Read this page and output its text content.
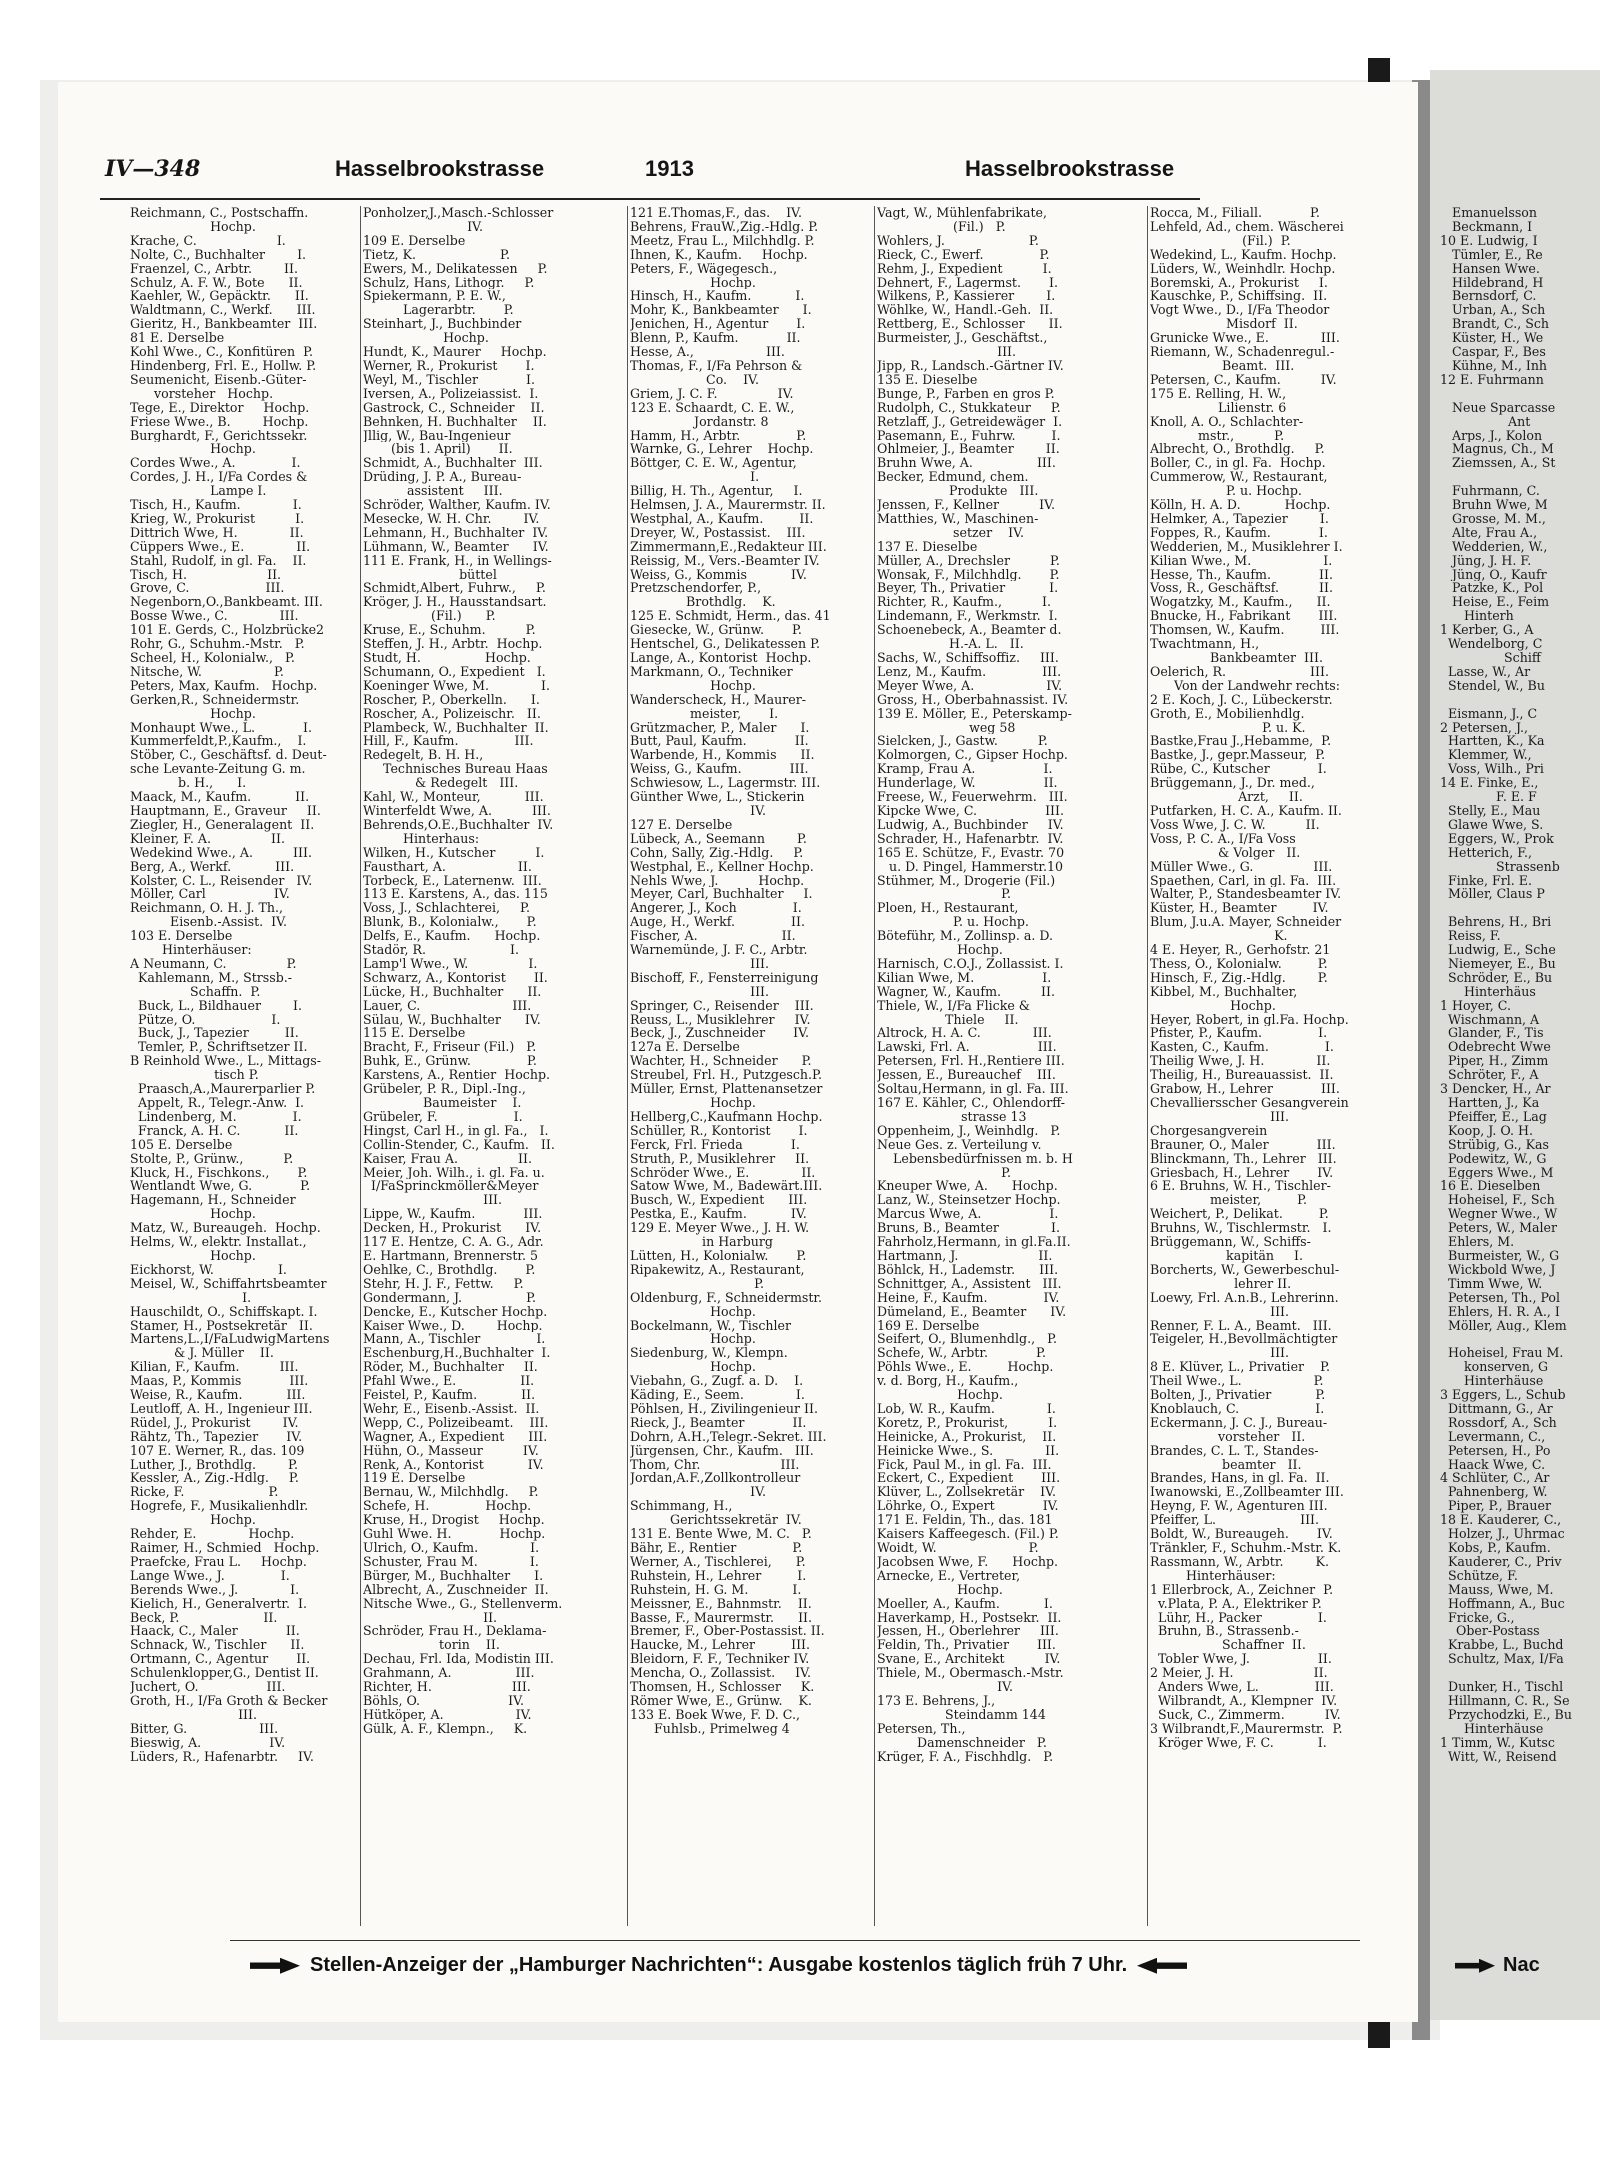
IV—348	Hasselbrookstrasse	1913	Hasselbrookstrasse
Reichmann, C., Postschaffn.
Hochp.
Krache, C.                    I.
Nolte, C., Buchhalter        I.
Fraenzel, C., Arbtr.        II.
Schulz, A. F. W., Bote      II.
Kaehler, W., Gepäcktr.      II.
Waldtmann, C., Werkf.      III.
Gieritz, H., Bankbeamter  III.
81 E. Derselbe
Kohl Wwe., C., Konfitüren  P.
Hindenberg, Frl. E., Hollw. P.
Seumenicht, Eisenb.-Güter-
vorsteher   Hochp.
Tege, E., Direktor     Hochp.
Friese Wwe., B.        Hochp.
Burghardt, F., Gerichtssekr.
Hochp.
Cordes Wwe., A.              I.
Cordes, J. H., I/Fa Cordes &
Lampe I.
Tisch, H., Kaufm.             I.
Krieg, W., Prokurist          I.
Dittrich Wwe, H.             II.
Cüppers Wwe., E.             II.
Stahl, Rudolf, in gl. Fa.    II.
Tisch, H.                    II.
Grove, C.                   III.
Negenborn,O.,Bankbeamt. III.
Bosse Wwe., C.             III.
101 E. Gerds, C., Holzbrücke2
Rohr, G., Schuhm.-Mstr.   P.
Scheel, H., Kolonialw.,   P.
Nitsche, W.                  P.
Peters, Max, Kaufm.   Hochp.
Gerken,R., Schneidermstr.
Hochp.
Monhaupt Wwe., L.            I.
Kummerfeldt,P.,Kaufm.,    I.
Stöber, C., Geschäftsf. d. Deut-
sche Levante-Zeitung G. m.
b. H.,      I.
Maack, M., Kaufm.           II.
Hauptmann, E., Graveur     II.
Ziegler, H., Generalagent  II.
Kleiner, F. A.               II.
Wedekind Wwe., A.          III.
Berg, A., Werkf.           III.
Kolster, C. L., Reisender   IV.
Möller, Carl                 IV.
Reichmann, O. H. J. Th.,
Eisenb.-Assist.  IV.
103 E. Derselbe
Hinterhäuser:
A Neumann, C.               P.
Kahlemann, M., Strssb.-
Schaffn.  P.
Buck, L., Bildhauer        I.
Pütze, O.                   I.
Buck, J., Tapezier         II.
Temler, P., Schriftsetzer II.
B Reinhold Wwe., L., Mittags-
tisch P.
Praasch,A.,Maurerparlier P.
Appelt, R., Telegr.-Anw.  I.
Lindenberg, M.              I.
Franck, A. H. C.           II.
105 E. Derselbe
Stolte, P., Grünw.,          P.
Kluck, H., Fischkons.,       P.
Wentlandt Wwe, G.            P.
Hagemann, H., Schneider
Hochp.
Matz, W., Bureaugeh.  Hochp.
Helms, W., elektr. Installat.,
Hochp.
Eickhorst, W.                I.
Meisel, W., Schiffahrtsbeamter
I.
Hauschildt, O., Schiffskapt. I.
Stamer, H., Postsekretär   II.
Martens,L.,I/FaLudwigMartens
& J. Müller    II.
Kilian, F., Kaufm.          III.
Maas, P., Kommis            III.
Weise, R., Kaufm.           III.
Leutloff, A. H., Ingenieur III.
Rüdel, J., Prokurist        IV.
Rähtz, Th., Tapezier       IV.
107 E. Werner, R., das. 109
Luther, J., Brothdlg.        P.
Kessler, A., Zig.-Hdlg.     P.
Ricke, F.                     P.
Hogrefe, F., Musikalienhdlr.
Hochp.
Rehder, E.             Hochp.
Raimer, H., Schmied   Hochp.
Praefcke, Frau L.     Hochp.
Lange Wwe., J.              I.
Berends Wwe., J.             I.
Kielich, H., Generalvertr.  I.
Beck, P.                     II.
Haack, C., Maler            II.
Schnack, W., Tischler      II.
Ortmann, C., Agentur       II.
Schulenklopper,G., Dentist II.
Juchert, O.                 III.
Groth, H., I/Fa Groth & Becker
III.
Bitter, G.                  III.
Bieswig, A.                 IV.
Lüders, R., Hafenarbtr.     IV.
Ponholzer,J.,Masch.-Schlosser
IV.
109 E. Derselbe
Tietz, K.                     P.
Ewers, M., Delikatessen     P.
Schulz, Hans, Lithogr.     P.
Spiekermann, P. E. W.,
Lagerarbtr.       P.
Steinhart, J., Buchbinder
Hochp.
Hundt, K., Maurer     Hochp.
Werner, R., Prokurist       I.
Weyl, M., Tischler            I.
Iversen, A., Polizeiassist.  I.
Gastrock, C., Schneider    II.
Behnken, H. Buchhalter    II.
Jllig, W., Bau-Ingenieur
(bis 1. April)       II.
Schmidt, A., Buchhalter  III.
Drüding, J. P. A., Bureau-
assistent     III.
Schröder, Walther, Kaufm. IV.
Mesecke, W. H. Chr.        IV.
Lehmann, H., Buchhalter  IV.
Lühmann, W., Beamter      IV.
111 E. Frank, H., in Wellings-
büttel
Schmidt,Albert, Fuhrw.,     P.
Kröger, J. H., Hausstandsart.
(Fil.)      P.
Kruse, E., Schuhm.          P.
Steffen, J. H., Arbtr.  Hochp.
Studt, H.                Hochp.
Schumann, O., Expedient   I.
Koeninger Wwe, M.             I.
Roscher, P., Oberkelln.      I.
Roscher, A., Polizeischr.   II.
Plambeck, W., Buchhalter  II.
Hill, F., Kaufm.              III.
Redegelt, B. H. H.,
Technisches Bureau Haas
& Redegelt   III.
Kahl, W., Monteur,           III.
Winterfeldt Wwe, A.          III.
Behrends,O.E.,Buchhalter  IV.
Hinterhaus:
Wilken, H., Kutscher          I.
Fausthart, A.                  II.
Torbeck, E., Laternenw.  III.
113 E. Karstens, A., das. 115
Voss, J., Schlachterei,     P.
Blunk, B., Kolonialw.,       P.
Delfs, E., Kaufm.      Hochp.
Stadör, R.                     I.
Lamp'l Wwe., W.               I.
Schwarz, A., Kontorist       II.
Lücke, H., Buchhalter      II.
Lauer, C.                       III.
Sülau, W., Buchhalter      IV.
115 E. Derselbe
Bracht, F., Friseur (Fil.)   P.
Buhk, E., Grünw.              P.
Karstens, A., Rentier  Hochp.
Grübeler, P. R., Dipl.-Ing.,
Baumeister    I.
Grübeler, F.                   I.
Hingst, Carl H., in gl. Fa.,   I.
Collin-Stender, C., Kaufm.   II.
Kaiser, Frau A.               II.
Meier, Joh. Wilh., i. gl. Fa. u.
I/FaSprinckmöller&Meyer
III.
Lippe, W., Kaufm.            III.
Decken, H., Prokurist      IV.
117 E. Hentze, C. A. G., Adr.
E. Hartmann, Brennerstr. 5
Oehlke, C., Brothdlg.       P.
Stehr, H. J. F., Fettw.     P.
Gondermann, J.                P.
Dencke, E., Kutscher Hochp.
Kaiser Wwe., D.        Hochp.
Mann, A., Tischler              I.
Eschenburg,H.,Buchhalter  I.
Röder, M., Buchhalter     II.
Pfahl Wwe., E.                II.
Feistel, P., Kaufm.           II.
Wehr, E., Eisenb.-Assist.  II.
Wepp, C., Polizeibeamt.    III.
Wagner, A., Expedient      III.
Hühn, O., Masseur          IV.
Renk, A., Kontorist           IV.
119 E. Derselbe
Bernau, W., Milchhdlg.     P.
Schefe, H.              Hochp.
Kruse, H., Drogist     Hochp.
Guhl Wwe. H.            Hochp.
Ulrich, O., Kaufm.             I.
Schuster, Frau M.             I.
Bürger, M., Buchhalter      I.
Albrecht, A., Zuschneider  II.
Nitsche Wwe., G., Stellenverm.
II.
Schröder, Frau H., Deklama-
torin    II.
Dechau, Frl. Ida, Modistin III.
Grahmann, A.                III.
Richter, H.                    III.
Böhls, O.                      IV.
Hütköper, A.                  IV.
Gülk, A. F., Klempn.,     K.
121 E.Thomas,F., das.    IV.
Behrens, FrauW.,Zig.-Hdlg. P.
Meetz, Frau L., Milchhdlg. P.
Ihnen, K., Kaufm.     Hochp.
Peters, F., Wägegesch.,
Hochp.
Hinsch, H., Kaufm.           I.
Mohr, K., Bankbeamter      I.
Jenichen, H., Agentur       I.
Blenn, P., Kaufm.            II.
Hesse, A.,                  III.
Thomas, F., I/Fa Pehrson &
Co.    IV.
Griem, J. C. F.               IV.
123 E. Schaardt, C. E. W.,
Jordanstr. 8
Hamm, H., Arbtr.              P.
Warnke, G., Lehrer    Hochp.
Böttger, C. E. W., Agentur,
I.
Billig, H. Th., Agentur,     I.
Helmsen, J. A., Maurermstr. II.
Westphal, A., Kaufm.         II.
Dreyer, W., Postassist.    III.
Zimmermann,E.,Redakteur III.
Reissig, M., Vers.-Beamter IV.
Weiss, G., Kommis           IV.
Pretzschendorfer, P.,
Brothdlg.    K.
125 E. Schmidt, Herm., das. 41
Giesecke, W., Grünw.       P.
Hentschel, G., Delikatessen P.
Lange, A., Kontorist  Hochp.
Markmann, O., Techniker
Hochp.
Wanderscheck, H., Maurer-
meister,       I.
Grützmacher, P., Maler      I.
Butt, Paul, Kaufm.            II.
Warbende, H., Kommis      II.
Weiss, G., Kaufm.            III.
Schwiesow, L., Lagermstr. III.
Günther Wwe, L., Stickerin
IV.
127 E. Derselbe
Lübeck, A., Seemann        P.
Cohn, Sally, Zig.-Hdlg.     P.
Westphal, E., Kellner Hochp.
Nehls Wwe, J.          Hochp.
Meyer, Carl, Buchhalter     I.
Angerer, J., Koch              I.
Auge, H., Werkf.              II.
Fischer, A.                     II.
Warnemünde, J. F. C., Arbtr.
III.
Bischoff, F., Fensterreinigung
III.
Springer, C., Reisender    III.
Reuss, L., Musiklehrer     IV.
Beck, J., Zuschneider       IV.
127a E. Derselbe
Wachter, H., Schneider      P.
Streubel, Frl. H., Putzgesch.P.
Müller, Ernst, Plattenansetzer
Hochp.
Hellberg,C.,Kaufmann Hochp.
Schüller, R., Kontorist       I.
Ferck, Frl. Frieda            I.
Struth, P., Musiklehrer     II.
Schröder Wwe., E.             II.
Satow Wwe, M., Badewärt.III.
Busch, W., Expedient      III.
Pestka, E., Kaufm.           IV.
129 E. Meyer Wwe., J. H. W.
in Harburg
Lütten, H., Kolonialw.       P.
Ripakewitz, A., Restaurant,
P.
Oldenburg, F., Schneidermstr.
Hochp.
Bockelmann, W., Tischler
Hochp.
Siedenburg, W., Klempn.
Hochp.
Viebahn, G., Zugf. a. D.    I.
Käding, E., Seem.             I.
Pöhlsen, H., Zivilingenieur II.
Rieck, J., Beamter            II.
Dohrn, A.H.,Telegr.-Sekret. III.
Jürgensen, Chr., Kaufm.   III.
Thom, Chr.                    III.
Jordan,A.F.,Zollkontrolleur
IV.
Schimmang, H.,
Gerichtssekretär  IV.
131 E. Bente Wwe, M. C.   P.
Bähr, E., Rentier              P.
Werner, A., Tischlerei,      P.
Ruhstein, H., Lehrer         I.
Ruhstein, H. G. M.           I.
Meissner, E., Bahnmstr.    II.
Basse, F., Maurermstr.      II.
Bremer, F., Ober-Postassist. II.
Haucke, M., Lehrer         III.
Bleidorn, F. F., Techniker IV.
Mencha, O., Zollassist.     IV.
Thomsen, H., Schlosser     K.
Römer Wwe, E., Grünw.    K.
133 E. Boek Wwe, F. D. C.,
Fuhlsb., Primelweg 4
Vagt, W., Mühlenfabrikate,
(Fil.)   P.
Wohlers, J.                     P.
Rieck, C., Ewerf.              P.
Rehm, J., Expedient          I.
Dehnert, F., Lagermst.       I.
Wilkens, P., Kassierer        I.
Wöhlke, W., Handl.-Geh.  II.
Rettberg, E., Schlosser      II.
Burmeister, J., Geschäftst.,
III.
Jipp, R., Landsch.-Gärtner IV.
135 E. Dieselbe
Bunge, P., Farben en gros P.
Rudolph, C., Stukkateur     P.
Retzlaff, J., Getreidewäger  I.
Pasemann, E., Fuhrw.         I.
Ohlmeier, J., Beamter        II.
Bruhn Wwe, A.                III.
Becker, Edmund, chem.
Produkte   III.
Jenssen, F., Kellner          IV.
Matthies, W., Maschinen-
setzer    IV.
137 E. Dieselbe
Müller, A., Drechsler          P.
Wonsak, F., Milchhdlg.       P.
Beyer, Th., Privatier           I.
Richter, R., Kaufm.,          I.
Lindemann, F., Werkmstr.  I.
Schoenebeck, A., Beamter d.
H.-A. L.   II.
Sachs, W., Schiffsoffiz.     III.
Lenz, M., Kaufm.              III.
Meyer Wwe, A.                  IV.
Gross, H., Oberbahnassist. IV.
139 E. Möller, E., Peterskamp-
weg 58
Sielcken, J., Gastw.          P.
Kolmorgen, C., Gipser Hochp.
Kramp, Frau A.                 I.
Hunderlage, W.                 II.
Freese, W., Feuerwehrm.   III.
Kipcke Wwe, C.                 III.
Ludwig, A., Buchbinder     IV.
Schrader, H., Hafenarbtr.  IV.
165 E. Schütze, F., Evastr. 70
u. D. Pingel, Hammerstr.10
Stühmer, M., Drogerie (Fil.)
P.
Ploen, H., Restaurant,
P. u. Hochp.
Böteführ, M., Zollinsp. a. D.
Hochp.
Harnisch, C.O.J., Zollassist. I.
Kilian Wwe, M.                 I.
Wagner, W., Kaufm.          II.
Thiele, W., I/Fa Flicke &
Thiele     II.
Altrock, H. A. C.             III.
Lawski, Frl. A.                 III.
Petersen, Frl. H.,Rentiere III.
Jessen, E., Bureauchef    III.
Soltau,Hermann, in gl. Fa. III.
167 E. Kähler, C., Ohlendorff-
strasse 13
Oppenheim, J., Weinhdlg.   P.
Neue Ges. z. Verteilung v.
Lebensbedürfnissen m. b. H
P.
Kneuper Wwe, A.      Hochp.
Lanz, W., Steinsetzer Hochp.
Marcus Wwe, A.                 I.
Bruns, B., Beamter             I.
Fahrholz,Hermann, in gl.Fa.II.
Hartmann, J.                    II.
Böhlck, H., Lademstr.      III.
Schnittger, A., Assistent   III.
Heine, F., Kaufm.              IV.
Dümeland, E., Beamter      IV.
169 E. Derselbe
Seifert, O., Blumenhdlg.,   P.
Schefe, W., Arbtr.            P.
Pöhls Wwe., E.         Hochp.
v. d. Borg, H., Kaufm.,
Hochp.
Lob, W. R., Kaufm.             I.
Koretz, P., Prokurist,          I.
Heinicke, A., Prokurist,    II.
Heinicke Wwe., S.             II.
Fick, Paul M., in gl. Fa.  III.
Eckert, C., Expedient       III.
Klüver, L., Zollsekretär    IV.
Löhrke, O., Expert            IV.
171 E. Feldin, Th., das. 181
Kaisers Kaffeegesch. (Fil.) P.
Woidt, W.                       P.
Jacobsen Wwe, F.      Hochp.
Arnecke, E., Vertreter,
Hochp.
Moeller, A., Kaufm.           I.
Haverkamp, H., Postsekr.  II.
Jessen, H., Oberlehrer     III.
Feldin, Th., Privatier       III.
Svane, E., Architekt          IV.
Thiele, M., Obermasch.-Mstr.
IV.
173 E. Behrens, J.,
Steindamm 144
Petersen, Th.,
Damenschneider   P.
Krüger, F. A., Fischhdlg.   P.
Rocca, M., Filiall.            P.
Lehfeld, Ad., chem. Wäscherei
(Fil.)  P.
Wedekind, L., Kaufm. Hochp.
Lüders, W., Weinhdlr. Hochp.
Boremski, A., Prokurist     I.
Kauschke, P., Schiffsing.  II.
Vogt Wwe., D., I/Fa Theodor
Misdorf  II.
Grunicke Wwe., E.             III.
Riemann, W., Schadenregul.-
Beamt.  III.
Petersen, C., Kaufm.          IV.
175 E. Relling, H. W.,
Lilienstr. 6
Knoll, A. O., Schlachter-
mstr.,          P.
Albrecht, O., Brothdlg.     P.
Boller, C., in gl. Fa.  Hochp.
Cummerow, W., Restaurant,
P. u. Hochp.
Kölln, H. A. D.           Hochp.
Helmker, A., Tapezier        I.
Foppes, R., Kaufm.            I.
Wedderien, M., Musiklehrer I.
Kilian Wwe., M.                  I.
Hesse, Th., Kaufm.            II.
Voss, R., Geschäftsf.          II.
Wogatzky, M., Kaufm.,      II.
Bnucke, H., Fabrikant       III.
Thomsen, W., Kaufm.         III.
Twachtmann, H.,
Bankbeamter  III.
Oelerich, R.                     III.
Von der Landwehr rechts:
2 E. Koch, J. C., Lübeckerstr.
Groth, E., Mobilienhdlg.
P. u. K.
Bastke,Frau J.,Hebamme,  P.
Bastke, J., gepr.Masseur,  P.
Rübe, C., Kutscher            I.
Brüggemann, J., Dr. med.,
Arzt,     II.
Putfarken, H. C. A., Kaufm. II.
Voss Wwe, J. C. W.          II.
Voss, P. C. A., I/Fa Voss
& Volger   II.
Müller Wwe., G.               III.
Spaethen, Carl, in gl. Fa.  III.
Walter, P., Standesbeamter IV.
Küster, H., Beamter         IV.
Blum, J.u.A. Mayer, Schneider
K.
4 E. Heyer, R., Gerhofstr. 21
Thess, O., Kolonialw.         P.
Hinsch, F., Zig.-Hdlg.        P.
Kibbel, M., Buchhalter,
Hochp.
Heyer, Robert, in gl.Fa. Hochp.
Pfister, P., Kaufm.              I.
Kasten, C., Kaufm.              I.
Theilig Wwe, J. H.             II.
Theilig, H., Bureauassist.  II.
Grabow, H., Lehrer            III.
Chevalliersscher Gesangverein
III.
Chorgesangverein
Brauner, O., Maler            III.
Blinckmann, Th., Lehrer   III.
Griesbach, H., Lehrer       IV.
6 E. Bruhns, W. H., Tischler-
meister,         P.
Weichert, P., Delikat.         P.
Bruhns, W., Tischlermstr.   I.
Brüggemann, W., Schiffs-
kapitän     I.
Borcherts, W., Gewerbeschul-
lehrer II.
Loewy, Frl. A.n.B., Lehrerinn.
III.
Renner, F. L. A., Beamt.   III.
Teigeler, H.,Bevollmächtigter
III.
8 E. Klüver, L., Privatier    P.
Theil Wwe., L.                  P.
Bolten, J., Privatier           P.
Knoblauch, C.                   I.
Eckermann, J. C. J., Bureau-
vorsteher   II.
Brandes, C. L. T., Standes-
beamter   II.
Brandes, Hans, in gl. Fa.  II.
Iwanowski, E.,Zollbeamter III.
Heyng, F. W., Agenturen III.
Pfeiffer, L.                     III.
Boldt, W., Bureaugeh.       IV.
Tränkler, F., Schuhm.-Mstr. K.
Rassmann, W., Arbtr.        K.
Hinterhäuser:
1 Ellerbrock, A., Zeichner  P.
v.Plata, P. A., Elektriker P.
Lühr, H., Packer              I.
Bruhn, B., Strassenb.-
Schaffner  II.
Tobler Wwe, J.                 II.
2 Meier, J. H.                    II.
Anders Wwe, L.              III.
Wilbrandt, A., Klempner  IV.
Suck, C., Zimmerm.          IV.
3 Wilbrandt,F.,Maurermstr.  P.
Kröger Wwe, F. C.           I.
Emanuelsson
Beckmann, I
10 E. Ludwig, I
Tümler, E., Re
Hansen Wwe.
Hildebrand, H
Bernsdorf, C.
Urban, A., Sch
Brandt, C., Sch
Küster, H., We
Caspar, F., Bes
Kühne, M., Inh
12 E. Fuhrmann

Neue Sparcasse
Ant
Arps, J., Kolon
Magnus, Ch., M
Ziemssen, A., St

Fuhrmann, C.
Bruhn Wwe, M
Grosse, M. M.,
Alte, Frau A.,
Wedderien, W.,
Jüng, J. H. F.
Jüng, O., Kaufr
Patzke, K., Pol
Heise, E., Feim
Hinterh
1 Kerber, G., A
Wendelborg, C
Schiff
Lasse, W., Ar
Stendel, W., Bu

Eismann, J., C
2 Petersen, J.,
Hartten, K., Ka
Klemmer, W.,
Voss, Wilh., Pri
14 E. Finke, E.,
F. E. F
Stelly, E., Mau
Glawe Wwe, S.
Eggers, W., Prok
Hetterich, F.,
Strassenb
Finke, Frl. E.
Möller, Claus P

Behrens, H., Bri
Reiss, F.
Ludwig, E., Sche
Niemeyer, E., Bu
Schröder, E., Bu
Hinterhäus
1 Hoyer, C.
Wischmann, A
Glander, F., Tis
Odebrecht Wwe
Piper, H., Zimm
Schröter, F., A
3 Dencker, H., Ar
Hartten, J., Ka
Pfeiffer, E., Lag
Koop, J. O. H.
Strübig, G., Kas
Podewitz, W., G
Eggers Wwe., M
16 E. Dieselben
Hoheisel, F., Sch
Wegner Wwe., W
Peters, W., Maler
Ehlers, M.
Burmeister, W., G
Wickbold Wwe, J
Timm Wwe, W.
Petersen, Th., Pol
Ehlers, H. R. A., I
Möller, Aug., Klem

Hoheisel, Frau M.
konserven, G
Hinterhäuse
3 Eggers, L., Schub
Dittmann, G., Ar
Rossdorf, A., Sch
Levermann, C.,
Petersen, H., Po
Haack Wwe, C.
4 Schlüter, C., Ar
Pahnenberg, W.
Piper, P., Brauer
18 E. Kauderer, C.,
Holzer, J., Uhrmac
Kobs, P., Kaufm.
Kauderer, C., Priv
Schütze, F.
Mauss, Wwe, M.
Hoffmann, A., Buc
Fricke, G.,
Ober-Postass
Krabbe, L., Buchd
Schultz, Max, I/Fa

Dunker, H., Tischl
Hillmann, C. R., Se
Przychodzki, E., Bu
Hinterhäuse
1 Timm, W., Kutsc
Witt, W., Reisend
Stellen-Anzeiger der „Hamburger Nachrichten“: Ausgabe kostenlos täglich früh 7 Uhr.	Nac
